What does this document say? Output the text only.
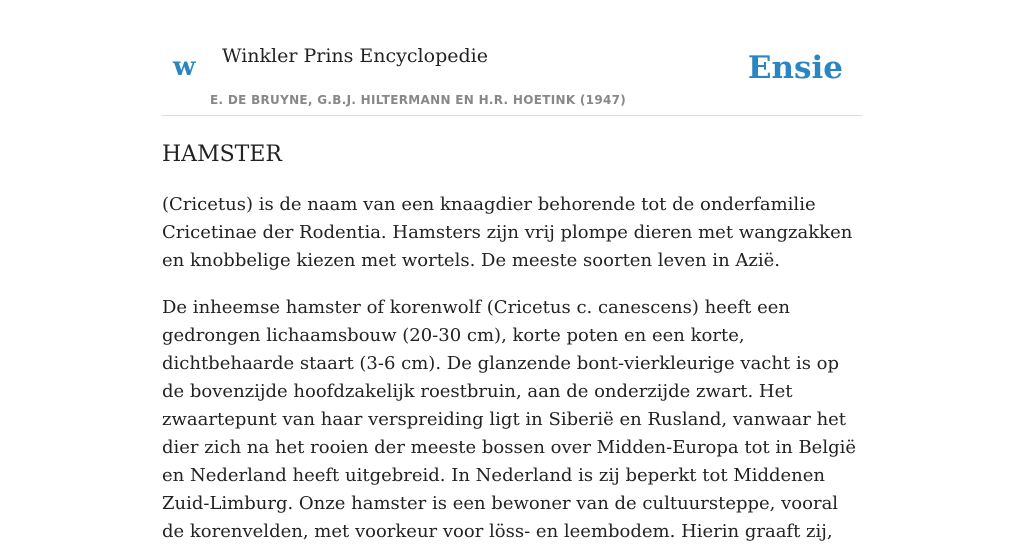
w Winkler Prins Encyclopedie	Ensie
E. DE BRUYNE, G.B.J. HILTERMANN EN H.R. HOETINK (1947)
HAMSTER

(Cricetus) is de naam van een knaagdier behorende tot de onderfamilie Cricetinae der Rodentia. Hamsters zijn vrij plompe dieren met wangzakken en knobbelige kiezen met wortels. De meeste soorten leven in Azië.

De inheemse hamster of korenwolf (Cricetus c. canescens) heeft een gedrongen lichaamsbouw (20-30 cm), korte poten en een korte, dichtbehaarde staart (3-6 cm). De glanzende bont-vierkleurige vacht is op de bovenzijde hoofdzakelijk roestbruin, aan de onderzijde zwart. Het zwaartepunt van haar verspreiding ligt in Siberië en Rusland, vanwaar het dier zich na het rooien der meeste bossen over Midden-Europa tot in België en Nederland heeft uitgebreid. In Nederland is zij beperkt tot Middenen Zuid-Limburg. Onze hamster is een bewoner van de cultuursteppe, vooral de korenvelden, met voorkeur voor löss- en leembodem. Hierin graaft zij,
